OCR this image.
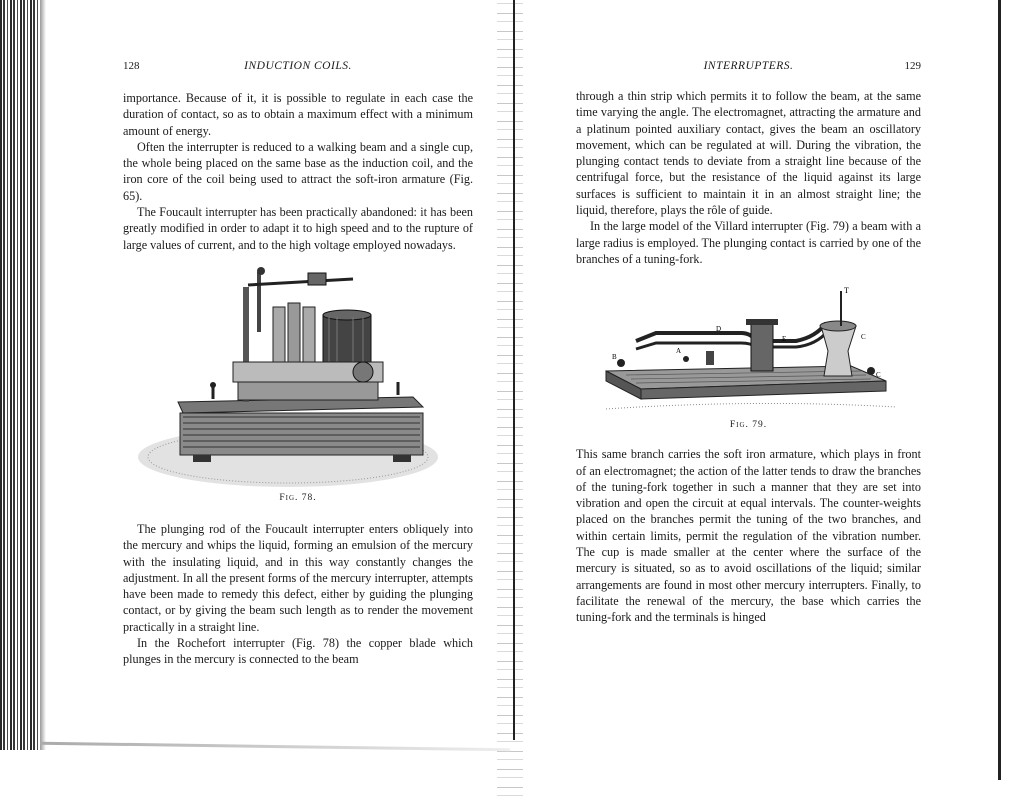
128	INDUCTION COILS.

importance. Because of it, it is possible to regulate in each case the duration of contact, so as to obtain a maximum effect with a minimum amount of energy.

Often the interrupter is reduced to a walking beam and a single cup, the whole being placed on the same base as the induction coil, and the iron core of the coil being used to attract the soft-iron armature (Fig. 65).

The Foucault interrupter has been practically abandoned: it has been greatly modified in order to adapt it to high speed and to the rupture of large values of current, and to the high voltage employed nowadays.

Fig. 78.

The plunging rod of the Foucault interrupter enters obliquely into the mercury and whips the liquid, forming an emulsion of the mercury with the insulating liquid, and in this way constantly changes the adjustment. In all the present forms of the mercury interrupter, attempts have been made to remedy this defect, either by guiding the plunging contact, or by giving the beam such length as to render the movement practically in a straight line.

In the Rochefort interrupter (Fig. 78) the copper blade which plunges in the mercury is connected to the beam

INTERRUPTERS.	129

through a thin strip which permits it to follow the beam, at the same time varying the angle. The electromagnet, attracting the armature and a platinum pointed auxiliary contact, gives the beam an oscillatory movement, which can be regulated at will. During the vibration, the plunging contact tends to deviate from a straight line because of the centrifugal force, but the resistance of the liquid against its large surfaces is sufficient to maintain it in an almost straight line; the liquid, therefore, plays the rôle of guide.

In the large model of the Villard interrupter (Fig. 79) a beam with a large radius is employed. The plunging contact is carried by one of the branches of a tuning-fork.

T
D
A
B
E	C
C

Fig. 79.

This same branch carries the soft iron armature, which plays in front of an electromagnet; the action of the latter tends to draw the branches of the tuning-fork together in such a manner that they are set into vibration and open the circuit at equal intervals. The counter-weights placed on the branches permit the tuning of the two branches, and within certain limits, permit the regulation of the vibration number. The cup is made smaller at the center where the surface of the mercury is situated, so as to avoid oscillations of the liquid; similar arrangements are found in most other mercury interrupters. Finally, to facilitate the renewal of the mercury, the base which carries the tuning-fork and the terminals is hinged
